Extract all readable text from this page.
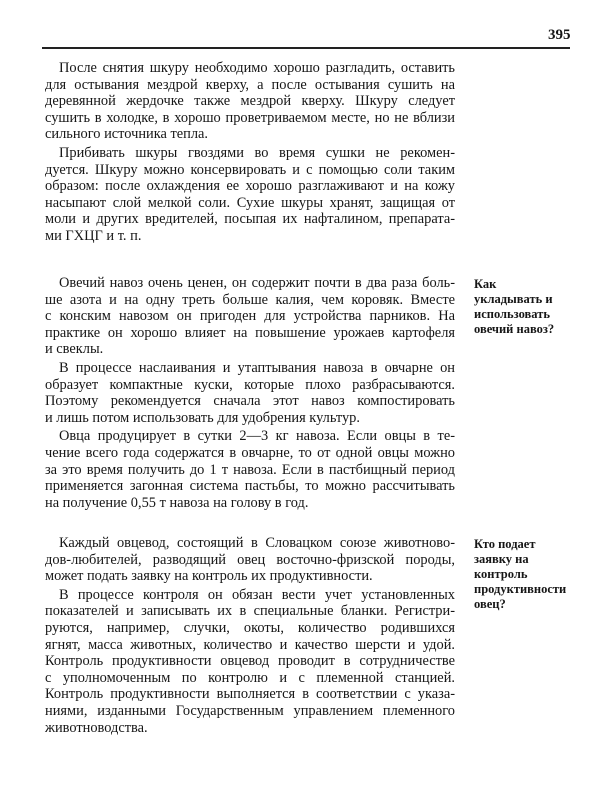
395
После снятия шкуру необходимо хорошо разгладить, оставить
для остывания мездрой кверху, а после остывания сушить на
деревянной жердочке также мездрой кверху. Шкуру следует
сушить в холодке, в хорошо проветриваемом месте, но не вблизи
сильного источника тепла.
Прибивать шкуры гвоздями во время сушки не рекомен-
дуется. Шкуру можно консервировать и с помощью соли таким
образом: после охлаждения ее хорошо разглаживают и на кожу
насыпают слой мелкой соли. Сухие шкуры хранят, защищая от
моли и других вредителей, посыпая их нафталином, препарата-
ми ГХЦГ и т. п.
Овечий навоз очень ценен, он содержит почти в два раза боль-
ше азота и на одну треть больше калия, чем коровяк. Вместе
с конским навозом он пригоден для устройства парников. На
практике он хорошо влияет на повышение урожаев картофеля
и свеклы.
В процессе наслаивания и утаптывания навоза в овчарне он
образует компактные куски, которые плохо разбрасываются.
Поэтому рекомендуется сначала этот навоз компостировать
и лишь потом использовать для удобрения культур.
Овца продуцирует в сутки 2—3 кг навоза. Если овцы в те-
чение всего года содержатся в овчарне, то от одной овцы можно
за это время получить до 1 т навоза. Если в пастбищный период
применяется загонная система пастьбы, то можно рассчитывать
на получение 0,55 т навоза на голову в год.
Как
укладывать и
использовать
овечий навоз?
Каждый овцевод, состоящий в Словацком союзе животново-
дов-любителей, разводящий овец восточно-фризской породы,
может подать заявку на контроль их продуктивности.
В процессе контроля он обязан вести учет установленных
показателей и записывать их в специальные бланки. Регистри-
руются, например, случки, окоты, количество родившихся
ягнят, масса животных, количество и качество шерсти и удой.
Контроль продуктивности овцевод проводит в сотрудничестве
с уполномоченным по контролю и с племенной станцией.
Контроль продуктивности выполняется в соответствии с указа-
ниями, изданными Государственным управлением племенного
животноводства.
Кто подает
заявку на
контроль
продуктивности
овец?
